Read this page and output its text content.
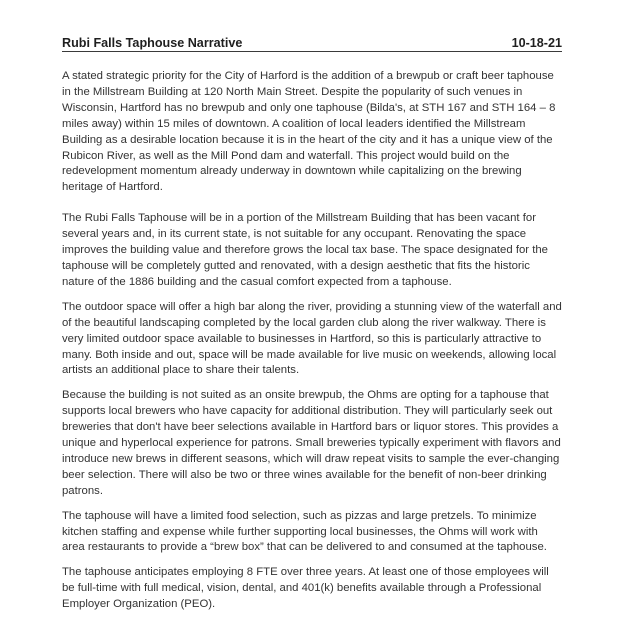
Rubi Falls Taphouse Narrative	10-18-21

A stated strategic priority for the City of Harford is the addition of a brewpub or craft beer taphouse in the Millstream Building at 120 North Main Street. Despite the popularity of such venues in Wisconsin, Hartford has no brewpub and only one taphouse (Bilda's, at STH 167 and STH 164 – 8 miles away) within 15 miles of downtown. A coalition of local leaders identified the Millstream Building as a desirable location because it is in the heart of the city and it has a unique view of the Rubicon River, as well as the Mill Pond dam and waterfall. This project would build on the redevelopment momentum already underway in downtown while capitalizing on the brewing heritage of Hartford.

The Rubi Falls Taphouse will be in a portion of the Millstream Building that has been vacant for several years and, in its current state, is not suitable for any occupant. Renovating the space improves the building value and therefore grows the local tax base. The space designated for the taphouse will be completely gutted and renovated, with a design aesthetic that fits the historic nature of the 1886 building and the casual comfort expected from a taphouse.

The outdoor space will offer a high bar along the river, providing a stunning view of the waterfall and of the beautiful landscaping completed by the local garden club along the river walkway. There is very limited outdoor space available to businesses in Hartford, so this is particularly attractive to many. Both inside and out, space will be made available for live music on weekends, allowing local artists an additional place to share their talents.

Because the building is not suited as an onsite brewpub, the Ohms are opting for a taphouse that supports local brewers who have capacity for additional distribution. They will particularly seek out breweries that don't have beer selections available in Hartford bars or liquor stores. This provides a unique and hyperlocal experience for patrons. Small breweries typically experiment with flavors and introduce new brews in different seasons, which will draw repeat visits to sample the ever-changing beer selection. There will also be two or three wines available for the benefit of non-beer drinking patrons.

The taphouse will have a limited food selection, such as pizzas and large pretzels. To minimize kitchen staffing and expense while further supporting local businesses, the Ohms will work with area restaurants to provide a “brew box” that can be delivered to and consumed at the taphouse.

The taphouse anticipates employing 8 FTE over three years. At least one of those employees will be full-time with full medical, vision, dental, and 401(k) benefits available through a Professional Employer Organization (PEO).
